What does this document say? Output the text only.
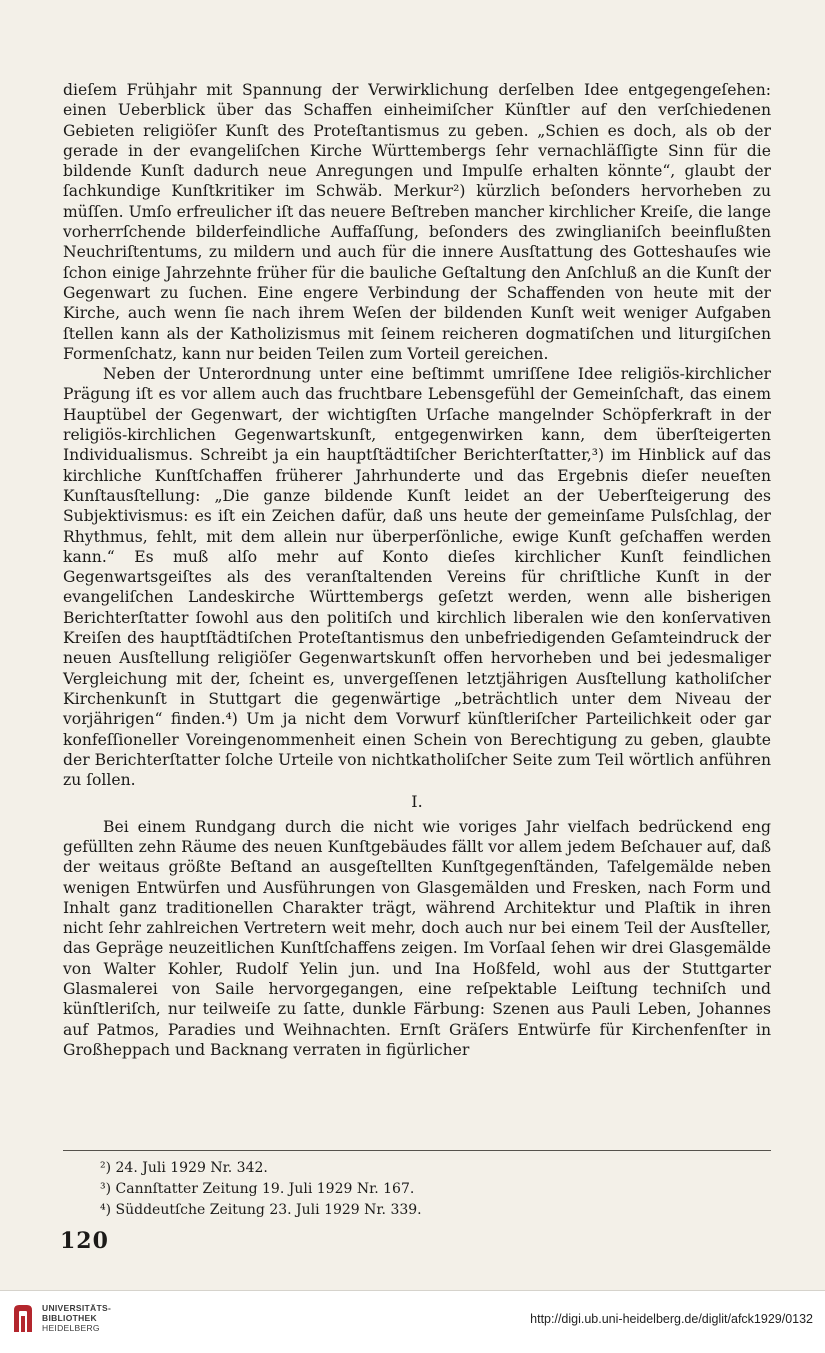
dieſem Frühjahr mit Spannung der Verwirklichung derſelben Idee entgegengeſehen: einen Ueberblick über das Schaffen einheimiſcher Künſtler auf den verſchiedenen Gebieten religiöſer Kunſt des Proteſtantismus zu geben. „Schien es doch, als ob der gerade in der evangeliſchen Kirche Württembergs ſehr vernachläſſigte Sinn für die bildende Kunſt dadurch neue Anregungen und Impulſe erhalten könnte“, glaubt der ſachkundige Kunſtkritiker im Schwäb. Merkur²) kürzlich beſonders hervorheben zu müſſen. Umſo erfreulicher iſt das neuere Beſtreben mancher kirchlicher Kreiſe, die lange vorherrſchende bilderfeindliche Auffaſſung, beſonders des zwinglianiſch beeinflußten Neuchriſtentums, zu mildern und auch für die innere Ausſtattung des Gotteshauſes wie ſchon einige Jahrzehnte früher für die bauliche Geſtaltung den Anſchluß an die Kunſt der Gegenwart zu ſuchen. Eine engere Verbindung der Schaffenden von heute mit der Kirche, auch wenn ſie nach ihrem Weſen der bildenden Kunſt weit weniger Aufgaben ſtellen kann als der Katholizismus mit ſeinem reicheren dogmatiſchen und liturgiſchen Formenſchatz, kann nur beiden Teilen zum Vorteil gereichen.

Neben der Unterordnung unter eine beſtimmt umriſſene Idee religiös-kirchlicher Prägung iſt es vor allem auch das fruchtbare Lebensgefühl der Gemeinſchaft, das einem Hauptübel der Gegenwart, der wichtigſten Urſache mangelnder Schöpferkraft in der religiös-kirchlichen Gegenwartskunſt, entgegenwirken kann, dem überſteigerten Individualismus. Schreibt ja ein hauptſtädtiſcher Berichterſtatter,³) im Hinblick auf das kirchliche Kunſtſchaffen früherer Jahrhunderte und das Ergebnis dieſer neueſten Kunſtausſtellung: „Die ganze bildende Kunſt leidet an der Ueberſteigerung des Subjektivismus: es iſt ein Zeichen dafür, daß uns heute der gemeinſame Pulsſchlag, der Rhythmus, fehlt, mit dem allein nur überperſönliche, ewige Kunſt geſchaffen werden kann.“ Es muß alſo mehr auf Konto dieſes kirchlicher Kunſt feindlichen Gegenwartsgeiſtes als des veranſtaltenden Vereins für chriſtliche Kunſt in der evangeliſchen Landeskirche Württembergs geſetzt werden, wenn alle bisherigen Berichterſtatter ſowohl aus den politiſch und kirchlich liberalen wie den konſervativen Kreiſen des hauptſtädtiſchen Proteſtantismus den unbefriedigenden Geſamteindruck der neuen Ausſtellung religiöſer Gegenwartskunſt offen hervorheben und bei jedesmaliger Vergleichung mit der, ſcheint es, unvergeſſenen letztjährigen Ausſtellung katholiſcher Kirchenkunſt in Stuttgart die gegenwärtige „beträchtlich unter dem Niveau der vorjährigen“ finden.⁴) Um ja nicht dem Vorwurf künſtleriſcher Parteilichkeit oder gar konfeſſioneller Voreingenommenheit einen Schein von Berechtigung zu geben, glaubte der Berichterſtatter ſolche Urteile von nichtkatholiſcher Seite zum Teil wörtlich anführen zu ſollen.

I.

Bei einem Rundgang durch die nicht wie voriges Jahr vielfach bedrückend eng gefüllten zehn Räume des neuen Kunſtgebäudes fällt vor allem jedem Beſchauer auf, daß der weitaus größte Beſtand an ausgeſtellten Kunſtgegenſtänden, Tafelgemälde neben wenigen Entwürfen und Ausführungen von Glasgemälden und Fresken, nach Form und Inhalt ganz traditionellen Charakter trägt, während Architektur und Plaſtik in ihren nicht ſehr zahlreichen Vertretern weit mehr, doch auch nur bei einem Teil der Ausſteller, das Gepräge neuzeitlichen Kunſtſchaffens zeigen. Im Vorſaal ſehen wir drei Glasgemälde von Walter Kohler, Rudolf Yelin jun. und Ina Hoßfeld, wohl aus der Stuttgarter Glasmalerei von Saile hervorgegangen, eine reſpektable Leiſtung techniſch und künſtleriſch, nur teilweiſe zu ſatte, dunkle Färbung: Szenen aus Pauli Leben, Johannes auf Patmos, Paradies und Weihnachten. Ernſt Gräſers Entwürfe für Kirchenfenſter in Großheppach und Backnang verraten in figürlicher

²) 24. Juli 1929 Nr. 342.
³) Cannſtatter Zeitung 19. Juli 1929 Nr. 167.
⁴) Süddeutſche Zeitung 23. Juli 1929 Nr. 339.
120
UNIVERSITÄTS-
BIBLIOTHEK
HEIDELBERG
http://digi.ub.uni-heidelberg.de/diglit/afck1929/0132
